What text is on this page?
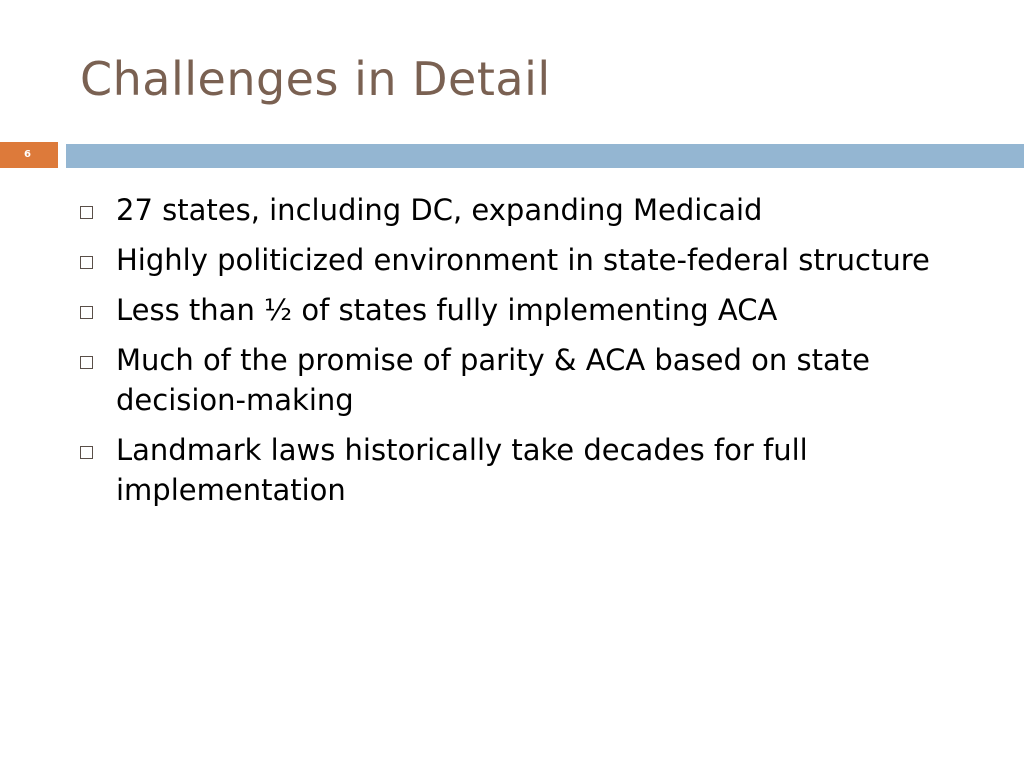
Challenges in Detail
6
27 states, including DC, expanding Medicaid
Highly politicized environment in state-federal structure
Less than ½ of states fully implementing ACA
Much of the promise of parity & ACA based on state decision-making
Landmark laws historically take decades for full implementation
